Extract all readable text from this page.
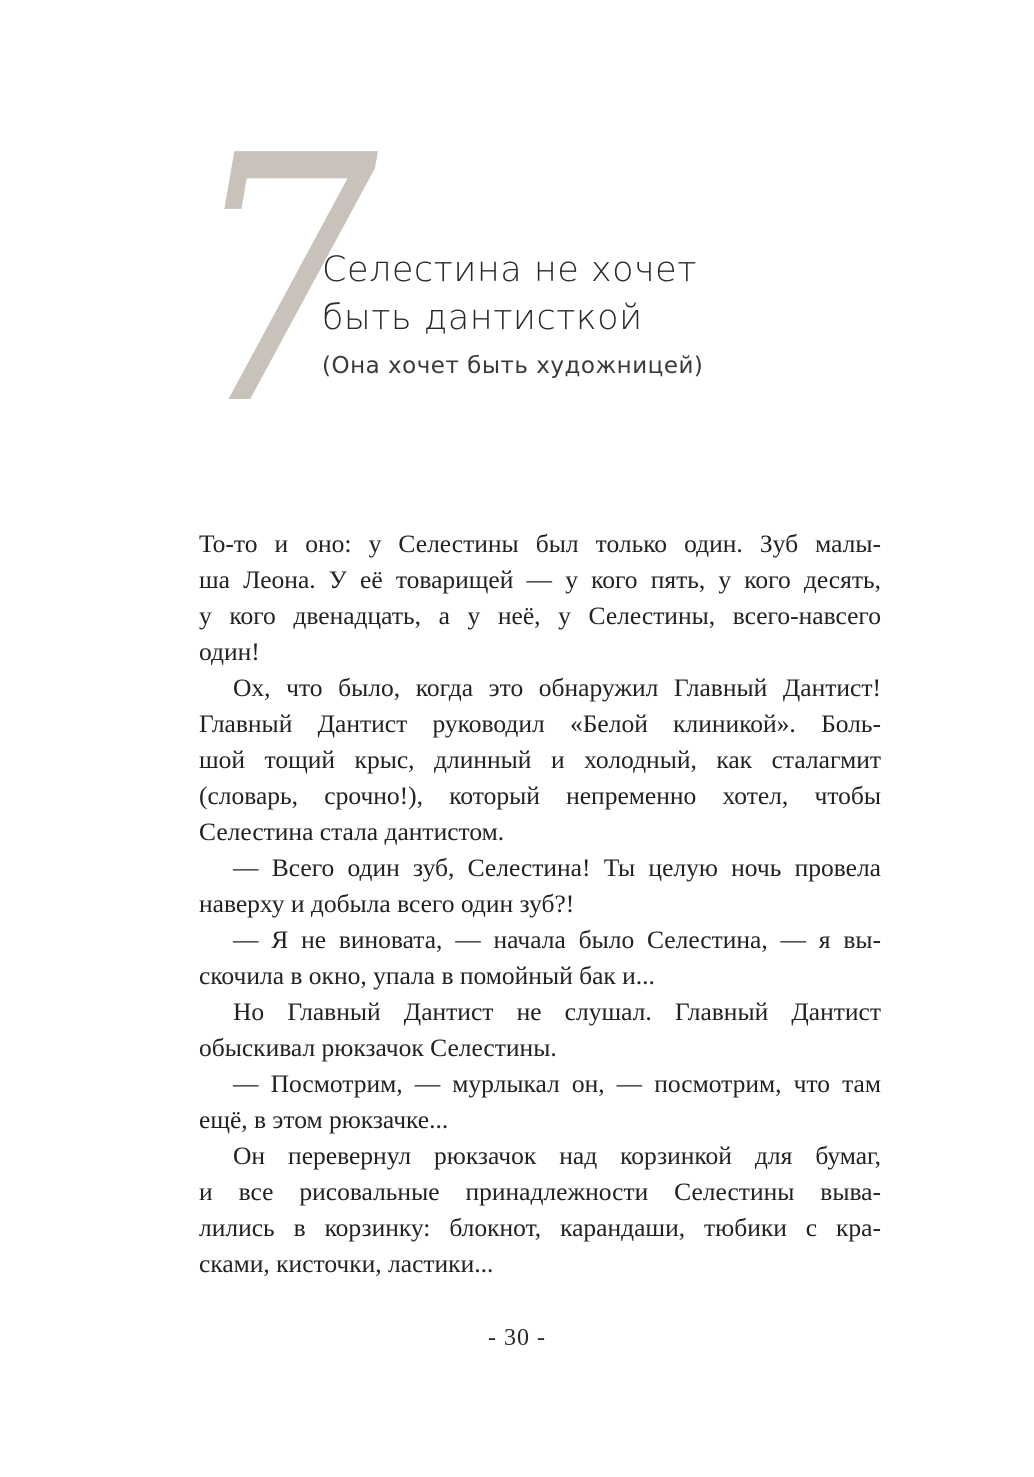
7
Селестина не хочет
быть дантисткой
(Она хочет быть художницей)
То-то и оно: у Селестины был только один. Зуб малы-
ша Леона. У её товарищей — у кого пять, у кого десять,
у кого двенадцать, а у неё, у Селестины, всего-навсего
один!
Ох, что было, когда это обнаружил Главный Дантист!
Главный Дантист руководил «Белой клиникой». Боль-
шой тощий крыс, длинный и холодный, как сталагмит
(словарь, срочно!), который непременно хотел, чтобы
Селестина стала дантистом.
— Всего один зуб, Селестина! Ты целую ночь провела
наверху и добыла всего один зуб?!
— Я не виновата, — начала было Селестина, — я вы-
скочила в окно, упала в помойный бак и...
Но Главный Дантист не слушал. Главный Дантист
обыскивал рюкзачок Селестины.
— Посмотрим, — мурлыкал он, — посмотрим, что там
ещё, в этом рюкзачке...
Он перевернул рюкзачок над корзинкой для бумаг,
и все рисовальные принадлежности Селестины выва-
лились в корзинку: блокнот, карандаши, тюбики с кра-
сками, кисточки, ластики...
- 30 -
